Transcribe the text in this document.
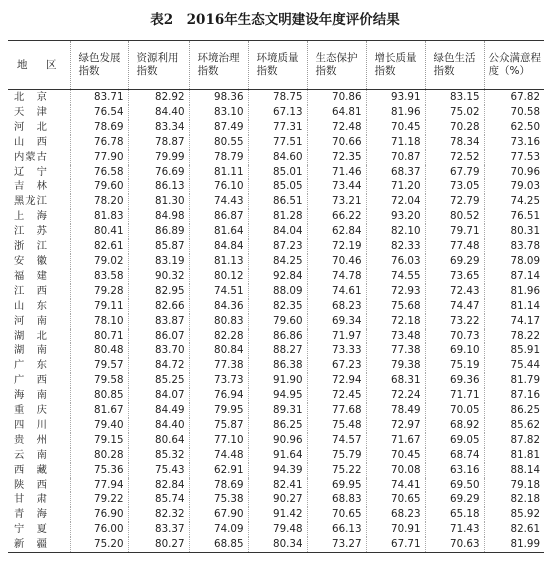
表2　2016年生态文明建设年度评价结果
地　区	绿色发展指数	资源利用指数	环境治理指数	环境质量指数	生态保护指数	增长质量指数	绿色生活指数	公众满意程度（%）
北　京	83.71	82.92	98.36	78.75	70.86	93.91	83.15	67.82
天　津	76.54	84.40	83.10	67.13	64.81	81.96	75.02	70.58
河　北	78.69	83.34	87.49	77.31	72.48	70.45	70.28	62.50
山　西	76.78	78.87	80.55	77.51	70.66	71.18	78.34	73.16
内蒙古	77.90	79.99	78.79	84.60	72.35	70.87	72.52	77.53
辽　宁	76.58	76.69	81.11	85.01	71.46	68.37	67.79	70.96
吉　林	79.60	86.13	76.10	85.05	73.44	71.20	73.05	79.03
黑龙江	78.20	81.30	74.43	86.51	73.21	72.04	72.79	74.25
上　海	81.83	84.98	86.87	81.28	66.22	93.20	80.52	76.51
江　苏	80.41	86.89	81.64	84.04	62.84	82.10	79.71	80.31
浙　江	82.61	85.87	84.84	87.23	72.19	82.33	77.48	83.78
安　徽	79.02	83.19	81.13	84.25	70.46	76.03	69.29	78.09
福　建	83.58	90.32	80.12	92.84	74.78	74.55	73.65	87.14
江　西	79.28	82.95	74.51	88.09	74.61	72.93	72.43	81.96
山　东	79.11	82.66	84.36	82.35	68.23	75.68	74.47	81.14
河　南	78.10	83.87	80.83	79.60	69.34	72.18	73.22	74.17
湖　北	80.71	86.07	82.28	86.86	71.97	73.48	70.73	78.22
湖　南	80.48	83.70	80.84	88.27	73.33	77.38	69.10	85.91
广　东	79.57	84.72	77.38	86.38	67.23	79.38	75.19	75.44
广　西	79.58	85.25	73.73	91.90	72.94	68.31	69.36	81.79
海　南	80.85	84.07	76.94	94.95	72.45	72.24	71.71	87.16
重　庆	81.67	84.49	79.95	89.31	77.68	78.49	70.05	86.25
四　川	79.40	84.40	75.87	86.25	75.48	72.97	68.92	85.62
贵　州	79.15	80.64	77.10	90.96	74.57	71.67	69.05	87.82
云　南	80.28	85.32	74.48	91.64	75.79	70.45	68.74	81.81
西　藏	75.36	75.43	62.91	94.39	75.22	70.08	63.16	88.14
陕　西	77.94	82.84	78.69	82.41	69.95	74.41	69.50	79.18
甘　肃	79.22	85.74	75.38	90.27	68.83	70.65	69.29	82.18
青　海	76.90	82.32	67.90	91.42	70.65	68.23	65.18	85.92
宁　夏	76.00	83.37	74.09	79.48	66.13	70.91	71.43	82.61
新　疆	75.20	80.27	68.85	80.34	73.27	67.71	70.63	81.99
